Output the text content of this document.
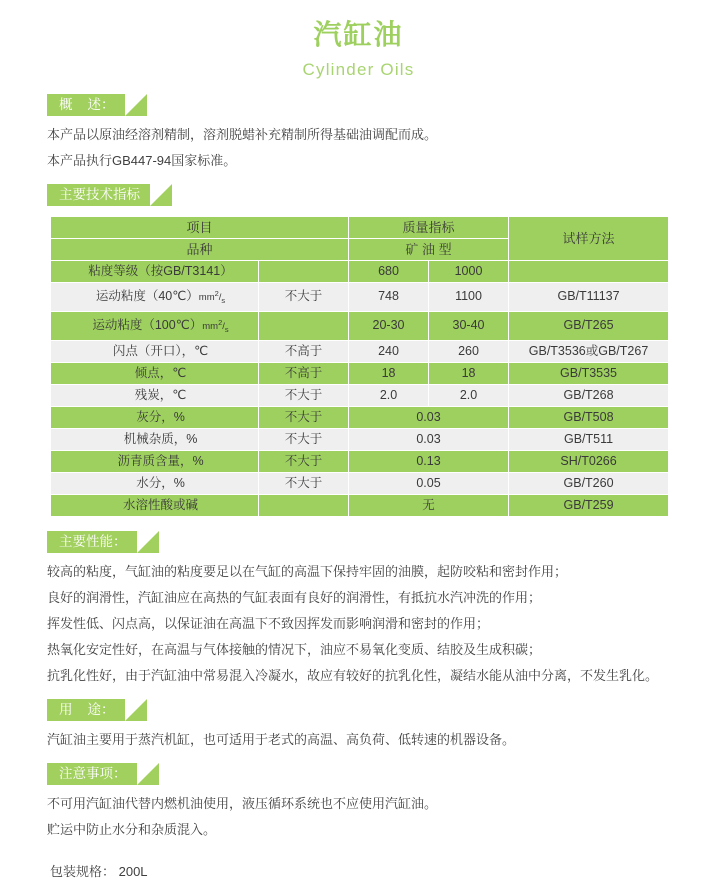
汽缸油
Cylinder Oils
概    述：
本产品以原油经溶剂精制，溶剂脱蜡补充精制所得基础油调配而成。
本产品执行GB447-94国家标准。
主要技术指标
项目		质量指标		试样方法
品种		矿 油 型		
粘度等级（按GB/T3141）		680	1000	
运动粘度$(40℃)mm^2/_s$	不大于	748	1100	GB/T11137
运动粘度$(100℃)mm^2/_s$		20-30	30-40	GB/T265
闪点（开口），℃	不高于	240	260	GB/T3536或GB/T267
倾点，℃	不高于	18	18	GB/T3535
残炭，℃	不大于	2.0	2.0	GB/T268
灰分，%	不大于	0.03		GB/T508
机械杂质，%	不大于	0.03		GB/T511
沥青质含量，%	不大于	0.13		SH/T0266
水分，%	不大于	0.05		GB/T260
水溶性酸或碱		无		GB/T259
主要性能：
较高的粘度，气缸油的粘度要足以在气缸的高温下保持牢固的油膜，起防咬粘和密封作用；
良好的润滑性，汽缸油应在高热的气缸表面有良好的润滑性，有抵抗水汽冲洗的作用；
挥发性低、闪点高，以保证油在高温下不致因挥发而影响润滑和密封的作用；
热氧化安定性好，在高温与气体接触的情况下，油应不易氧化变质、结胶及生成积碳；
抗乳化性好，由于汽缸油中常易混入冷凝水，故应有较好的抗乳化性，凝结水能从油中分离，不发生乳化。
用    途：
汽缸油主要用于蒸汽机缸，也可适用于老式的高温、高负荷、低转速的机器设备。
注意事项：
不可用汽缸油代替内燃机油使用，液压循环系统也不应使用汽缸油。
贮运中防止水分和杂质混入。
包装规格： 200L
